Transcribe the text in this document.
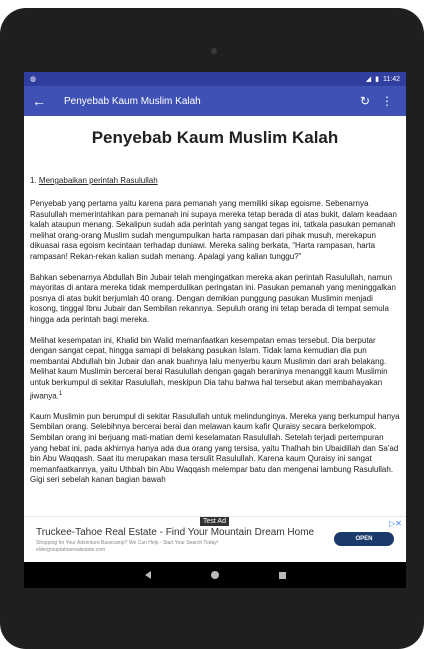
◍	◢ ▮ 11:42
←	Penyebab Kaum Muslim Kalah	↻ ⋮
Penyebab Kaum Muslim Kalah
1. Mengabaikan perintah Rasulullah

Penyebab yang pertama yaitu karena para pemanah yang memiliki sikap egoisme. Sebenarnya Rasulullah memerintahkan para pemanah ini supaya mereka tetap berada di atas bukit, dalam keadaan kalah ataupun menang. Sekalipun sudah ada perintah yang sangat tegas ini, tatkala pasukan pemanah melihat orang-orang Muslim sudah mengumpulkan harta rampasan dari pihak musuh, merekapun dikuasai rasa egoism kecintaan terhadap duniawi. Mereka saling berkata, “Harta rampasan, harta rampasan! Rekan-rekan kalian sudah menang. Apalagi yang kalian tunggu?”

Bahkan sebenarnya Abdullah Bin Jubair telah mengingatkan mereka akan perintah Rasulullah, namun mayoritas di antara mereka tidak memperdulikan peringatan ini. Pasukan pemanah yang meninggalkan posnya di atas bukit berjumlah 40 orang. Dengan demikian punggung pasukan Muslimin menjadi kosong, tinggal Ibnu Jubair dan Sembilan rekannya. Sepuluh orang ini tetap berada di tempat semula hingga ada perintah bagi mereka.

Melihat kesempatan ini, Khalid bin Walid memanfaatkan kesempatan emas tersebut. Dia berputar dengan sangat cepat, hingga samapi di belakang pasukan Islam. Tidak lama kemudian dia pun membantai Abdullah bin Jubair dan anak buahnya lalu menyerbu kaum Muslimin dari arah belakang. Melihat kaum Muslimin bercerai berai Rasulullah dengan gagah beraninya menanggil kaum Muslimin untuk berkumpul di sekitar Rasulullah, meskipun Dia tahu bahwa hal tersebut akan membahayakan jiwanya.$^1$

Kaum Muslimin pun berumpul di sekitar Rasulullah untuk melindunginya. Mereka yang berkumpul hanya Sembilan orang. Selebihnya bercerai berai dan melawan kaum kafir Quraisy secara berkelompok. Sembilan orang ini berjuang mati-matian demi keselamatan Rasulullah. Setelah terjadi pertempuran yang hebat ini, pada akhirnya hanya ada dua orang yang tersisa, yaitu Thalhah bin Ubaidillah dan Sa'ad bin Abu Waqqash. Saat itu merupakan masa tersulit Rasulullah. Karena kaum Quraisy ini sangat memanfaatkannya, yaitu Uthbah bin Abu Waqqash melempar batu dan mengenai lambung Rasulullah. Gigi seri sebelah kanan bagian bawah

Test Ad	▷✕
Truckee-Tahoe Real Estate - Find Your Mountain Dream Home
Shopping for Your Adventure Basecamp? We Can Help - Start Your Search Today!
eldergrouptahoerealestate.com
OPEN
